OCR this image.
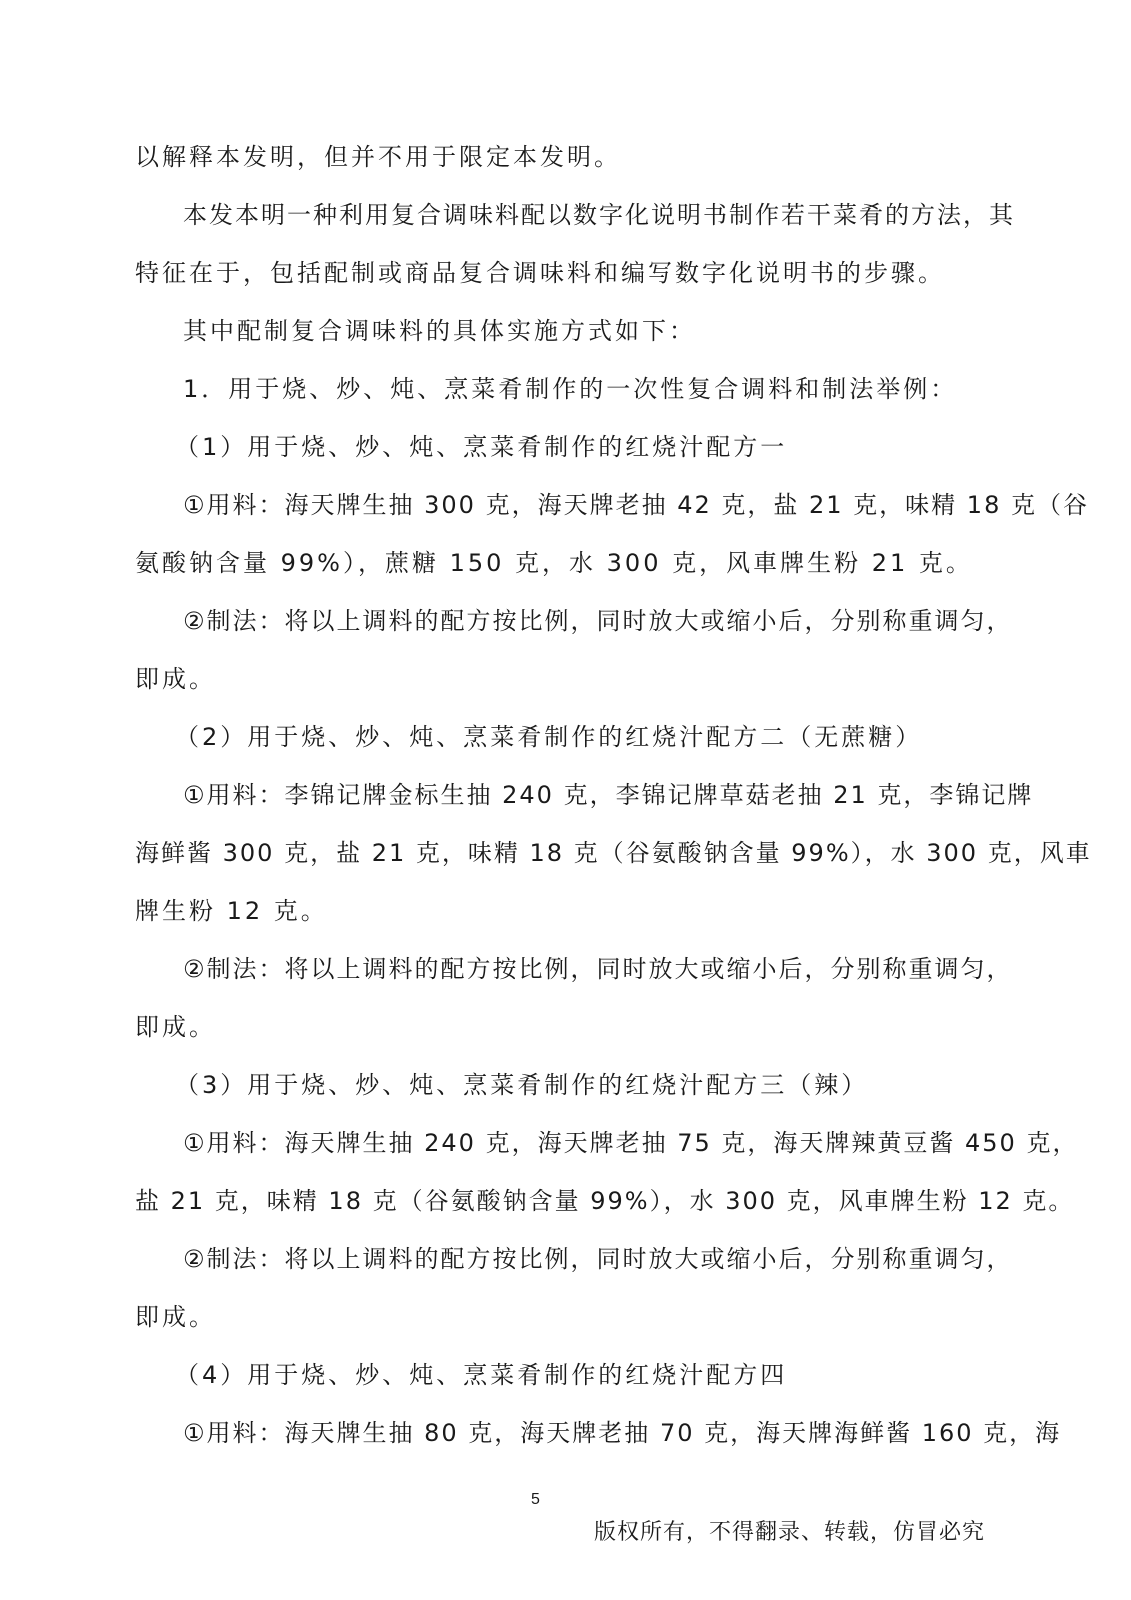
以解释本发明，但并不用于限定本发明。
本发本明一种利用复合调味料配以数字化说明书制作若干菜肴的方法，其
特征在于，包括配制或商品复合调味料和编写数字化说明书的步骤。
其中配制复合调味料的具体实施方式如下：
1．用于烧、炒、炖、烹菜肴制作的一次性复合调料和制法举例：
（1）用于烧、炒、炖、烹菜肴制作的红烧汁配方一
①用料：海天牌生抽 300 克，海天牌老抽 42 克，盐 21 克，味精 18 克（谷
氨酸钠含量 99%），蔗糖 150 克，水 300 克，风車牌生粉 21 克。
②制法：将以上调料的配方按比例，同时放大或缩小后，分别称重调匀，
即成。
（2）用于烧、炒、炖、烹菜肴制作的红烧汁配方二（无蔗糖）
①用料：李锦记牌金标生抽 240 克，李锦记牌草菇老抽 21 克，李锦记牌
海鲜酱 300 克，盐 21 克，味精 18 克（谷氨酸钠含量 99%），水 300 克，风車
牌生粉 12 克。
②制法：将以上调料的配方按比例，同时放大或缩小后，分别称重调匀，
即成。
（3）用于烧、炒、炖、烹菜肴制作的红烧汁配方三（辣）
①用料：海天牌生抽 240 克，海天牌老抽 75 克，海天牌辣黄豆酱 450 克，
盐 21 克，味精 18 克（谷氨酸钠含量 99%），水 300 克，风車牌生粉 12 克。
②制法：将以上调料的配方按比例，同时放大或缩小后，分别称重调匀，
即成。
（4）用于烧、炒、炖、烹菜肴制作的红烧汁配方四
①用料：海天牌生抽 80 克，海天牌老抽 70 克，海天牌海鲜酱 160 克，海
5
版权所有，不得翻录、转载，仿冒必究
